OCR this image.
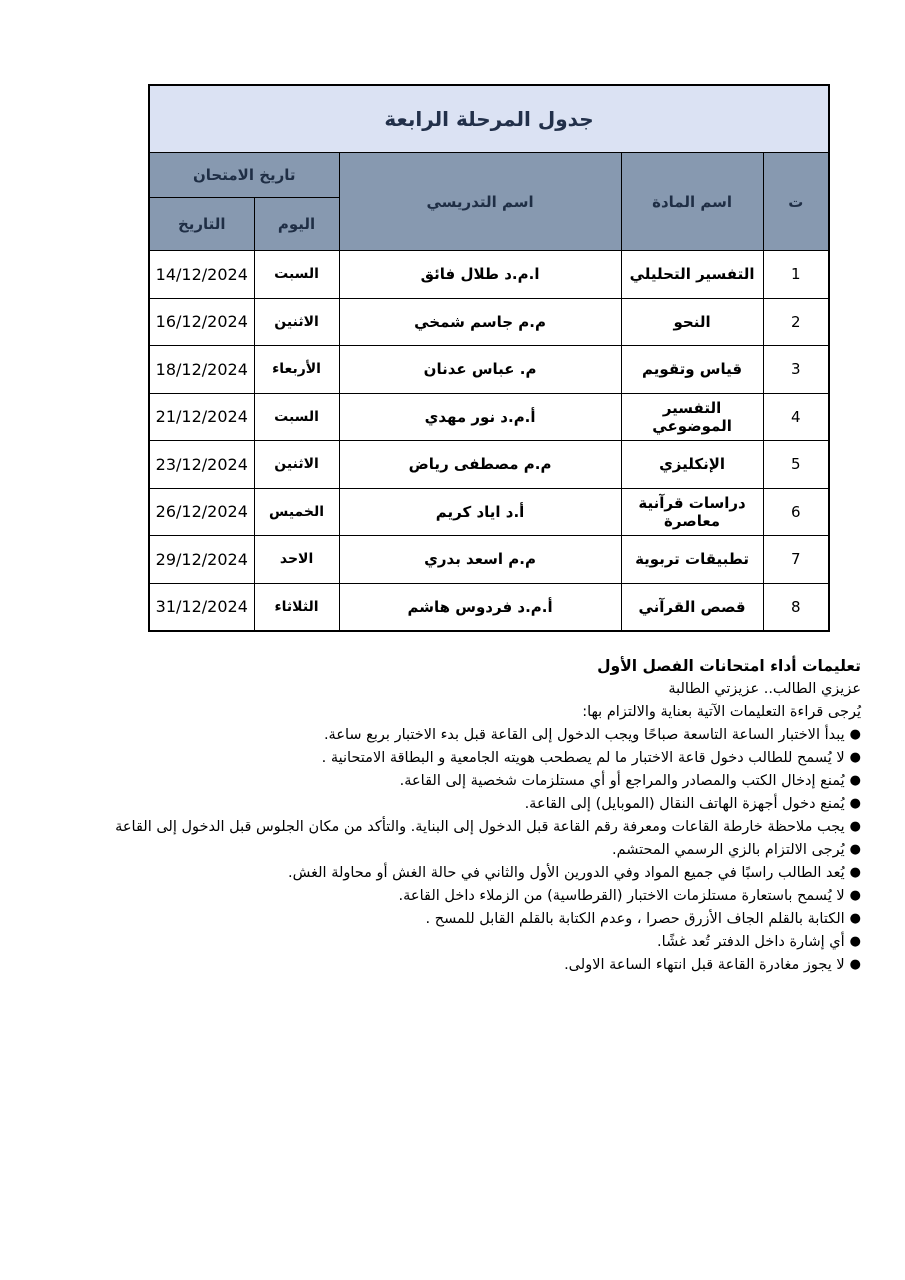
جدول المرحلة الرابعة				
ت	اسم المادة	اسم التدريسي	تاريخ الامتحان	
			اليوم	التاريخ
1	التفسير التحليلي	ا.م.د طلال فائق	السبت	14/12/2024
2	النحو	م.م جاسم شمخي	الاثنين	16/12/2024
3	قياس وتقويم	م. عباس عدنان	الأربعاء	18/12/2024
4	التفسير الموضوعي	أ.م.د نور مهدي	السبت	21/12/2024
5	الإنكليزي	م.م مصطفى رياض	الاثنين	23/12/2024
6	دراسات قرآنية معاصرة	أ.د اياد كريم	الخميس	26/12/2024
7	تطبيقات تربوية	م.م اسعد بدري	الاحد	29/12/2024
8	قصص القرآني	أ.م.د فردوس هاشم	الثلاثاء	31/12/2024
تعليمات أداء امتحانات الفصل الأول
عزيزي الطالب.. عزيزتي الطالبة
يُرجى قراءة التعليمات الآتية بعناية والالتزام بها:
●يبدأ الاختبار الساعة التاسعة صباحًا ويجب الدخول إلى القاعة قبل بدء الاختبار بربع ساعة.
●لا يُسمح للطالب دخول قاعة الاختبار ما لم يصطحب هويته الجامعية و البطاقة الامتحانية .
●يُمنع إدخال الكتب والمصادر والمراجع أو أي مستلزمات شخصية إلى القاعة.
●يُمنع دخول أجهزة الهاتف النقال (الموبايل) إلى القاعة.
●يجب ملاحظة خارطة القاعات ومعرفة رقم القاعة قبل الدخول إلى البناية. والتأكد من مكان الجلوس قبل الدخول إلى القاعة
●يُرجى الالتزام بالزي الرسمي المحتشم.
●يُعد الطالب راسبًا في جميع المواد وفي الدورين الأول والثاني في حالة الغش أو محاولة الغش.
●لا يُسمح باستعارة مستلزمات الاختبار (القرطاسية) من الزملاء داخل القاعة.
●الكتابة بالقلم الجاف الأزرق حصرا ، وعدم الكتابة بالقلم القابل للمسح .
●أي إشارة داخل الدفتر تُعد غشًا.
●لا يجوز مغادرة القاعة قبل انتهاء الساعة الاولى.
